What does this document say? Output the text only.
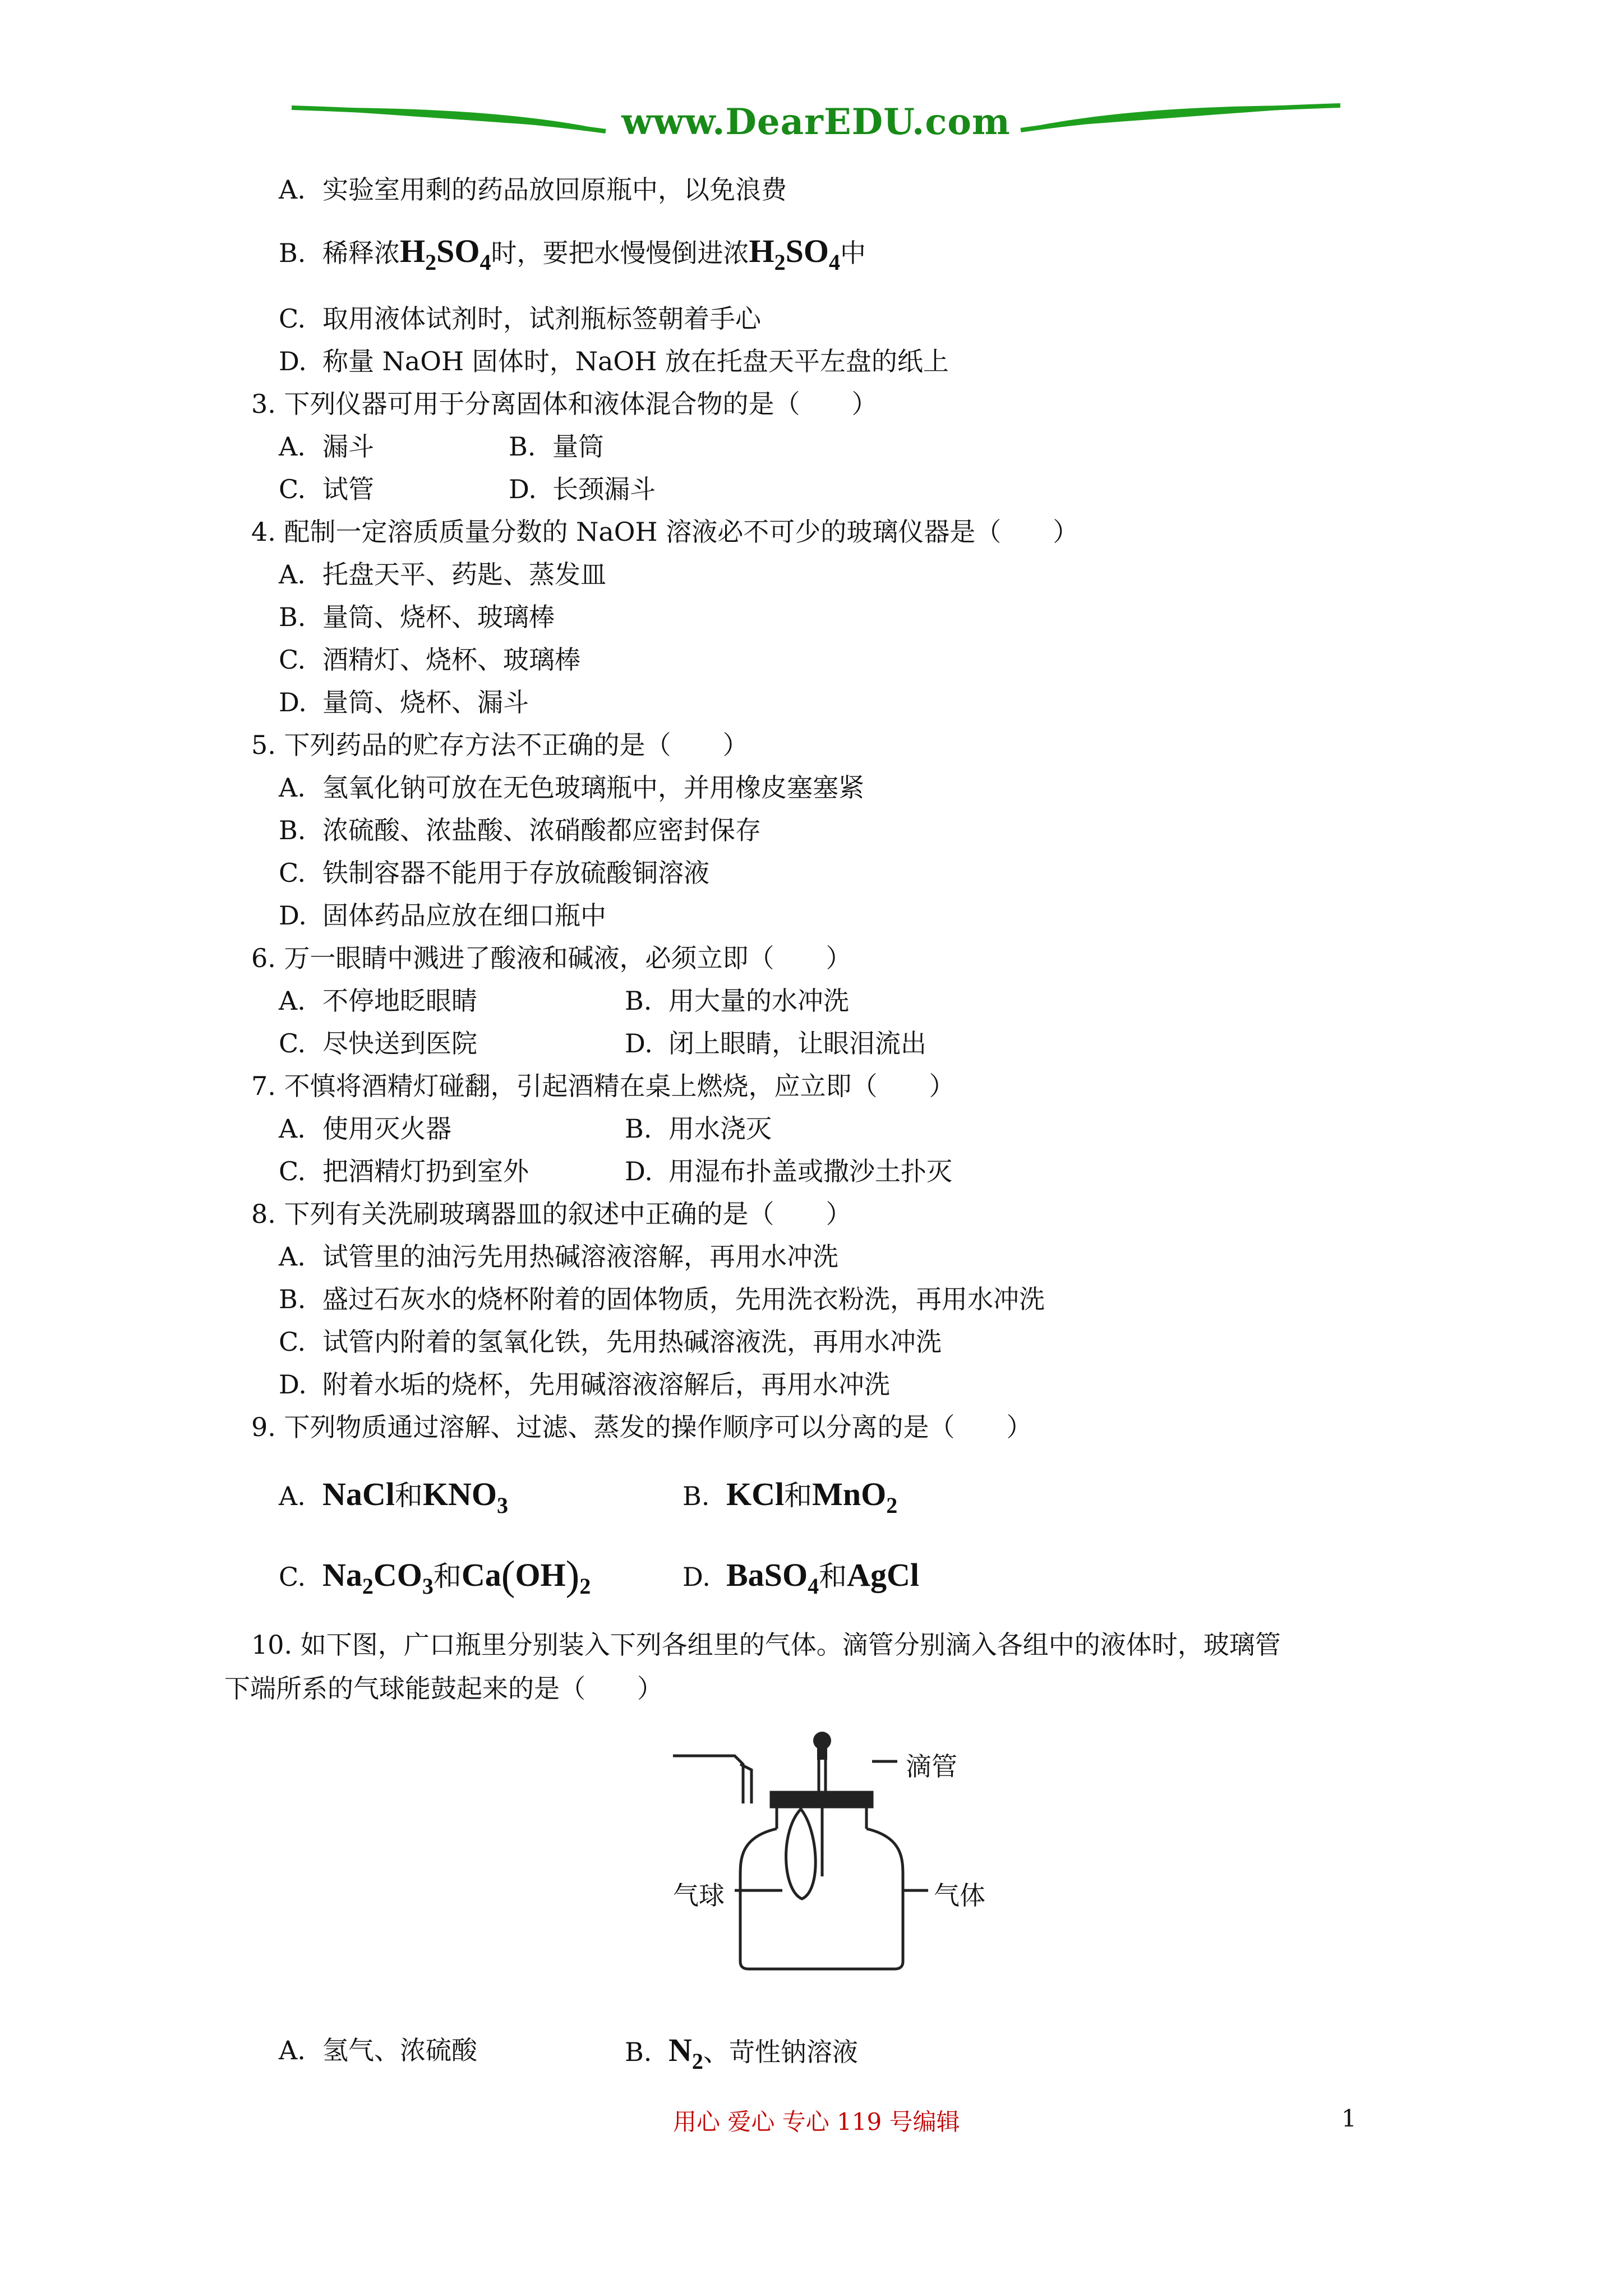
www.DearEDU.com
A. 实验室用剩的药品放回原瓶中，以免浪费
B. 稀释浓$H_2SO_4$时，要把水慢慢倒进浓$H_2SO_4$中
C. 取用液体试剂时，试剂瓶标签朝着手心
D. 称量 NaOH 固体时，NaOH 放在托盘天平左盘的纸上
3. 下列仪器可用于分离固体和液体混合物的是（　　）
A. 漏斗	B. 量筒
C. 试管	D. 长颈漏斗
4. 配制一定溶质质量分数的 NaOH 溶液必不可少的玻璃仪器是（　　）
A. 托盘天平、药匙、蒸发皿
B. 量筒、烧杯、玻璃棒
C. 酒精灯、烧杯、玻璃棒
D. 量筒、烧杯、漏斗
5. 下列药品的贮存方法不正确的是（　　）
A. 氢氧化钠可放在无色玻璃瓶中，并用橡皮塞塞紧
B. 浓硫酸、浓盐酸、浓硝酸都应密封保存
C. 铁制容器不能用于存放硫酸铜溶液
D. 固体药品应放在细口瓶中
6. 万一眼睛中溅进了酸液和碱液，必须立即（　　）
A. 不停地眨眼睛	B. 用大量的水冲洗
C. 尽快送到医院	D. 闭上眼睛，让眼泪流出
7. 不慎将酒精灯碰翻，引起酒精在桌上燃烧，应立即（　　）
A. 使用灭火器	B. 用水浇灭
C. 把酒精灯扔到室外	D. 用湿布扑盖或撒沙土扑灭
8. 下列有关洗刷玻璃器皿的叙述中正确的是（　　）
A. 试管里的油污先用热碱溶液溶解，再用水冲洗
B. 盛过石灰水的烧杯附着的固体物质，先用洗衣粉洗，再用水冲洗
C. 试管内附着的氢氧化铁，先用热碱溶液洗，再用水冲洗
D. 附着水垢的烧杯，先用碱溶液溶解后，再用水冲洗
9. 下列物质通过溶解、过滤、蒸发的操作顺序可以分离的是（　　）
A. NaCl和$KNO_3$	B. KCl和MnO$_2$
C. $Na_2CO_3$和$Ca(OH)_2$	D. BaSO$_4$和AgCl
10. 如下图，广口瓶里分别装入下列各组里的气体。滴管分别滴入各组中的液体时，玻璃管
下端所系的气球能鼓起来的是（　　）
滴管
气球	气体
A. 氢气、浓硫酸	B. $N_2$、苛性钠溶液
用心 爱心 专心 119 号编辑	1
